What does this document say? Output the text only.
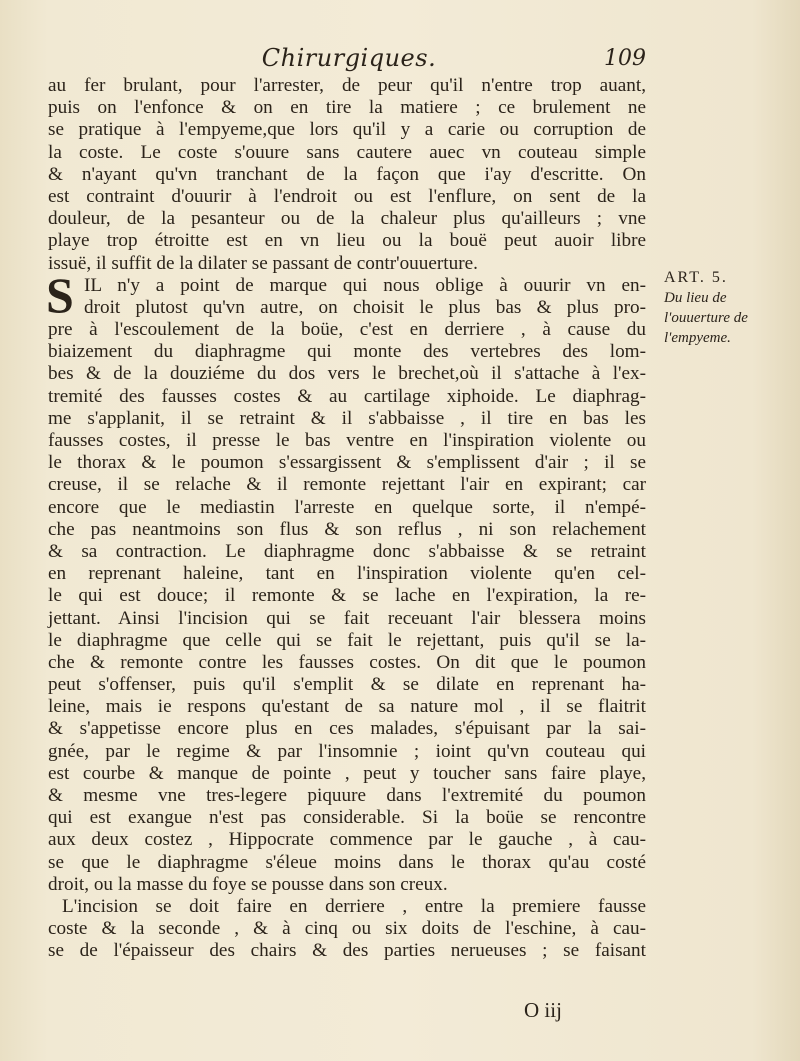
Chirurgiques.	109
au fer brulant, pour l'arrester, de peur qu'il n'entre trop auant,
puis on l'enfonce & on en tire la matiere ; ce brulement ne
se pratique à l'empyeme,que lors qu'il y a carie ou corruption de
la coste. Le coste s'ouure sans cautere auec vn couteau simple
& n'ayant qu'vn tranchant de la façon que i'ay d'escritte. On
est contraint d'ouurir à l'endroit ou est l'enflure, on sent de la
douleur, de la pesanteur ou de la chaleur plus qu'ailleurs ; vne
playe trop étroitte est en vn lieu ou la bouë peut auoir libre
issuë, il suffit de la dilater se passant de contr'ouuerture.
S IL n'y a point de marque qui nous oblige à ouurir vn en-
droit plutost qu'vn autre, on choisit le plus bas & plus pro-
pre à l'escoulement de la boüe, c'est en derriere , à cause du
biaizement du diaphragme qui monte des vertebres des lom-
bes & de la douziéme du dos vers le brechet,où il s'attache à l'ex-
tremité des fausses costes & au cartilage xiphoide. Le diaphrag-
me s'applanit, il se retraint & il s'abbaisse , il tire en bas les
fausses costes, il presse le bas ventre en l'inspiration violente ou
le thorax & le poumon s'essargissent & s'emplissent d'air ; il se
creuse, il se relache & il remonte rejettant l'air en expirant; car
encore que le mediastin l'arreste en quelque sorte, il n'empé-
che pas neantmoins son flus & son reflus , ni son relachement
& sa contraction. Le diaphragme donc s'abbaisse & se retraint
en reprenant haleine, tant en l'inspiration violente qu'en cel-
le qui est douce; il remonte & se lache en l'expiration, la re-
jettant. Ainsi l'incision qui se fait receuant l'air blessera moins
le diaphragme que celle qui se fait le rejettant, puis qu'il se la-
che & remonte contre les fausses costes. On dit que le poumon
peut s'offenser, puis qu'il s'emplit & se dilate en reprenant ha-
leine, mais ie respons qu'estant de sa nature mol , il se flaitrit
& s'appetisse encore plus en ces malades, s'épuisant par la sai-
gnée, par le regime & par l'insomnie ; ioint qu'vn couteau qui
est courbe & manque de pointe , peut y toucher sans faire playe,
& mesme vne tres-legere piquure dans l'extremité du poumon
qui est exangue n'est pas considerable. Si la boüe se rencontre
aux deux costez , Hippocrate commence par le gauche , à cau-
se que le diaphragme s'éleue moins dans le thorax qu'au costé
droit, ou la masse du foye se pousse dans son creux.
L'incision se doit faire en derriere , entre la premiere fausse
coste & la seconde , & à cinq ou six doits de l'eschine, à cau-
se de l'épaisseur des chairs & des parties nerueuses ; se faisant
ART. 5.
Du lieu de
l'ouuerture de
l'empyeme.
O iij
